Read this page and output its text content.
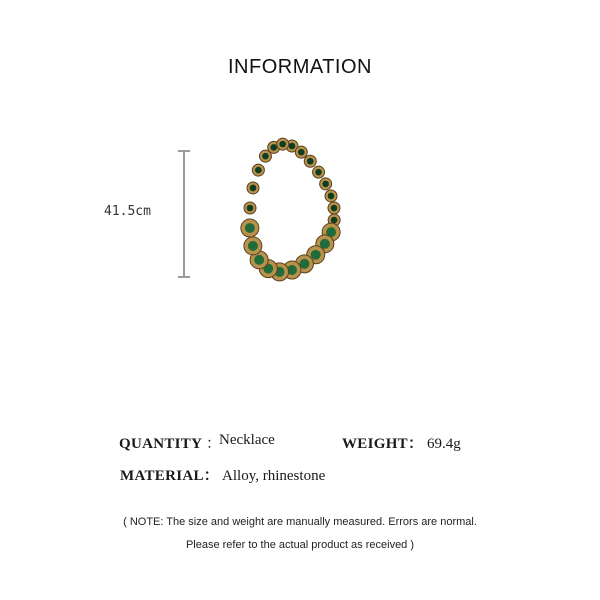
INFORMATION
41.5cm
QUANTITY ：
Necklace	WEIGHT： 69.4g
MATERIAL： Alloy, rhinestone
( NOTE: The size and weight are manually measured. Errors are normal.
Please refer to the actual product as received )
